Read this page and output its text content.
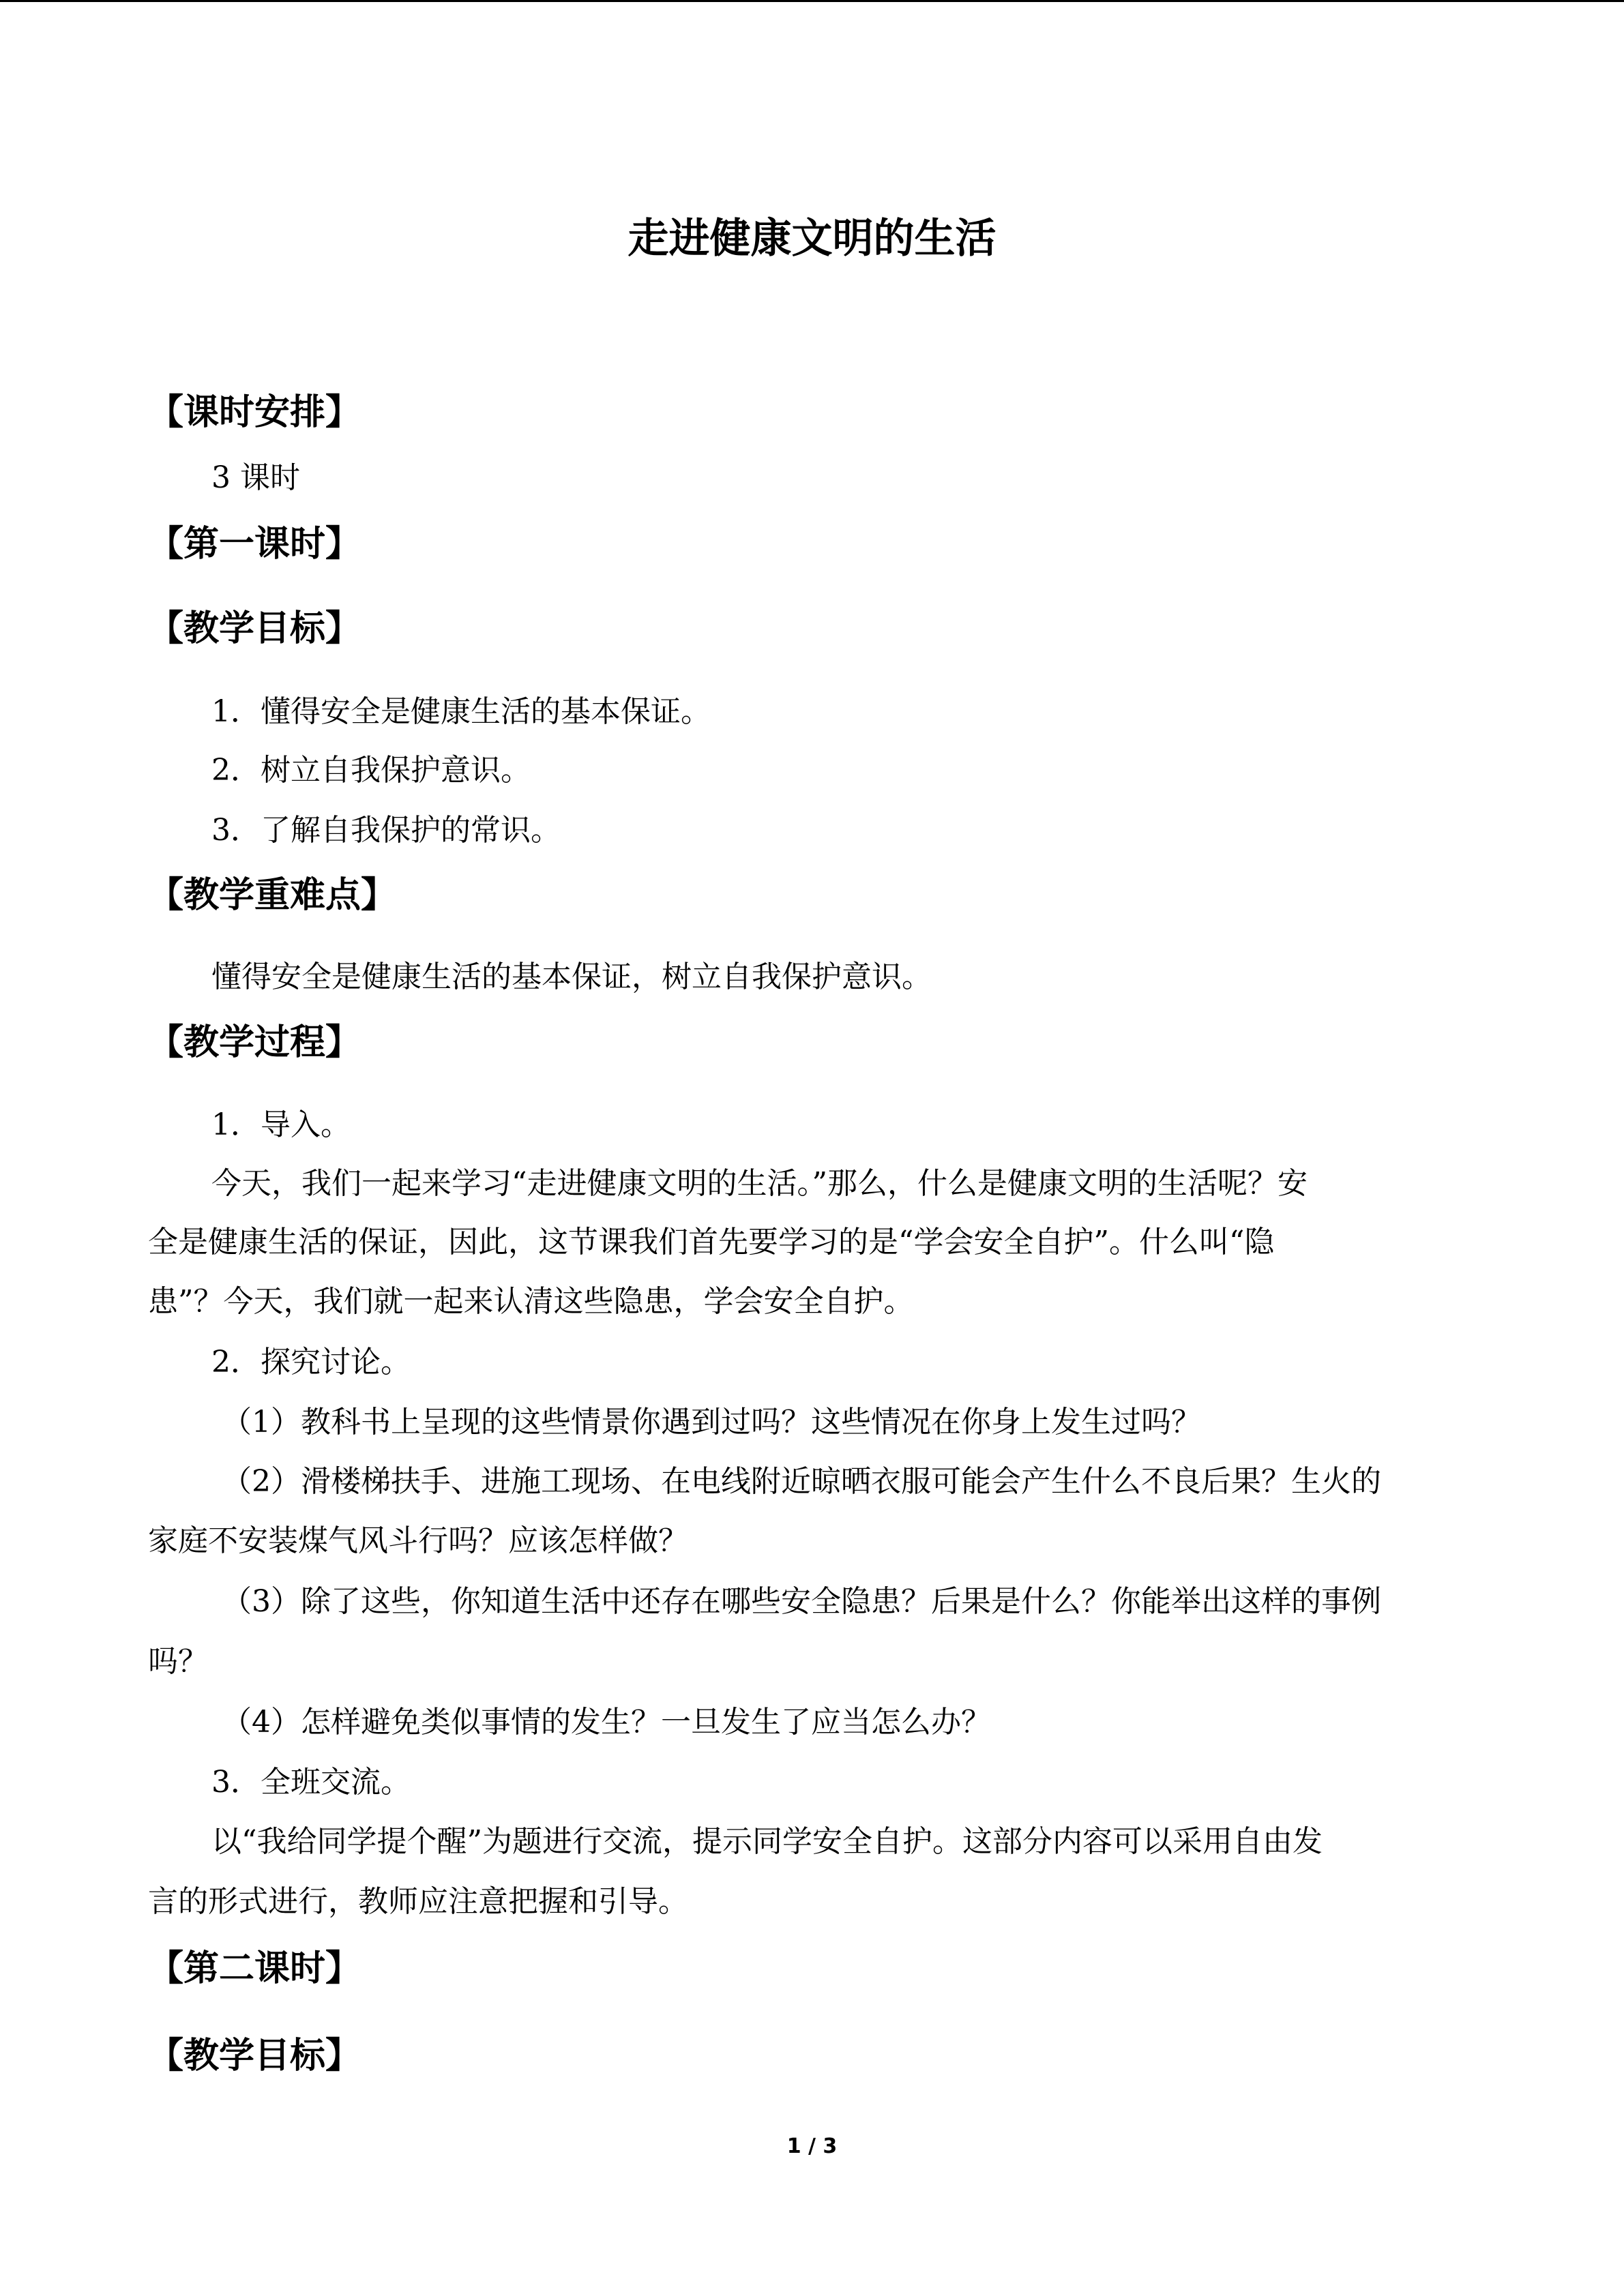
走进健康文明的生活
【课时安排】
3 课时
【第一课时】
【教学目标】
1．懂得安全是健康生活的基本保证。
2．树立自我保护意识。
3．了解自我保护的常识。
【教学重难点】
懂得安全是健康生活的基本保证，树立自我保护意识。
【教学过程】
1．导入。
今天，我们一起来学习“走进健康文明的生活。”那么，什么是健康文明的生活呢？安
全是健康生活的保证，因此，这节课我们首先要学习的是“学会安全自护”。什么叫“隐
患”？今天，我们就一起来认清这些隐患，学会安全自护。
2．探究讨论。
（1）教科书上呈现的这些情景你遇到过吗？这些情况在你身上发生过吗？
（2）滑楼梯扶手、进施工现场、在电线附近晾晒衣服可能会产生什么不良后果？生火的
家庭不安装煤气风斗行吗？应该怎样做？
（3）除了这些，你知道生活中还存在哪些安全隐患？后果是什么？你能举出这样的事例
吗？
（4）怎样避免类似事情的发生？一旦发生了应当怎么办？
3．全班交流。
以“我给同学提个醒”为题进行交流，提示同学安全自护。这部分内容可以采用自由发
言的形式进行，教师应注意把握和引导。
【第二课时】
【教学目标】
1 / 3
